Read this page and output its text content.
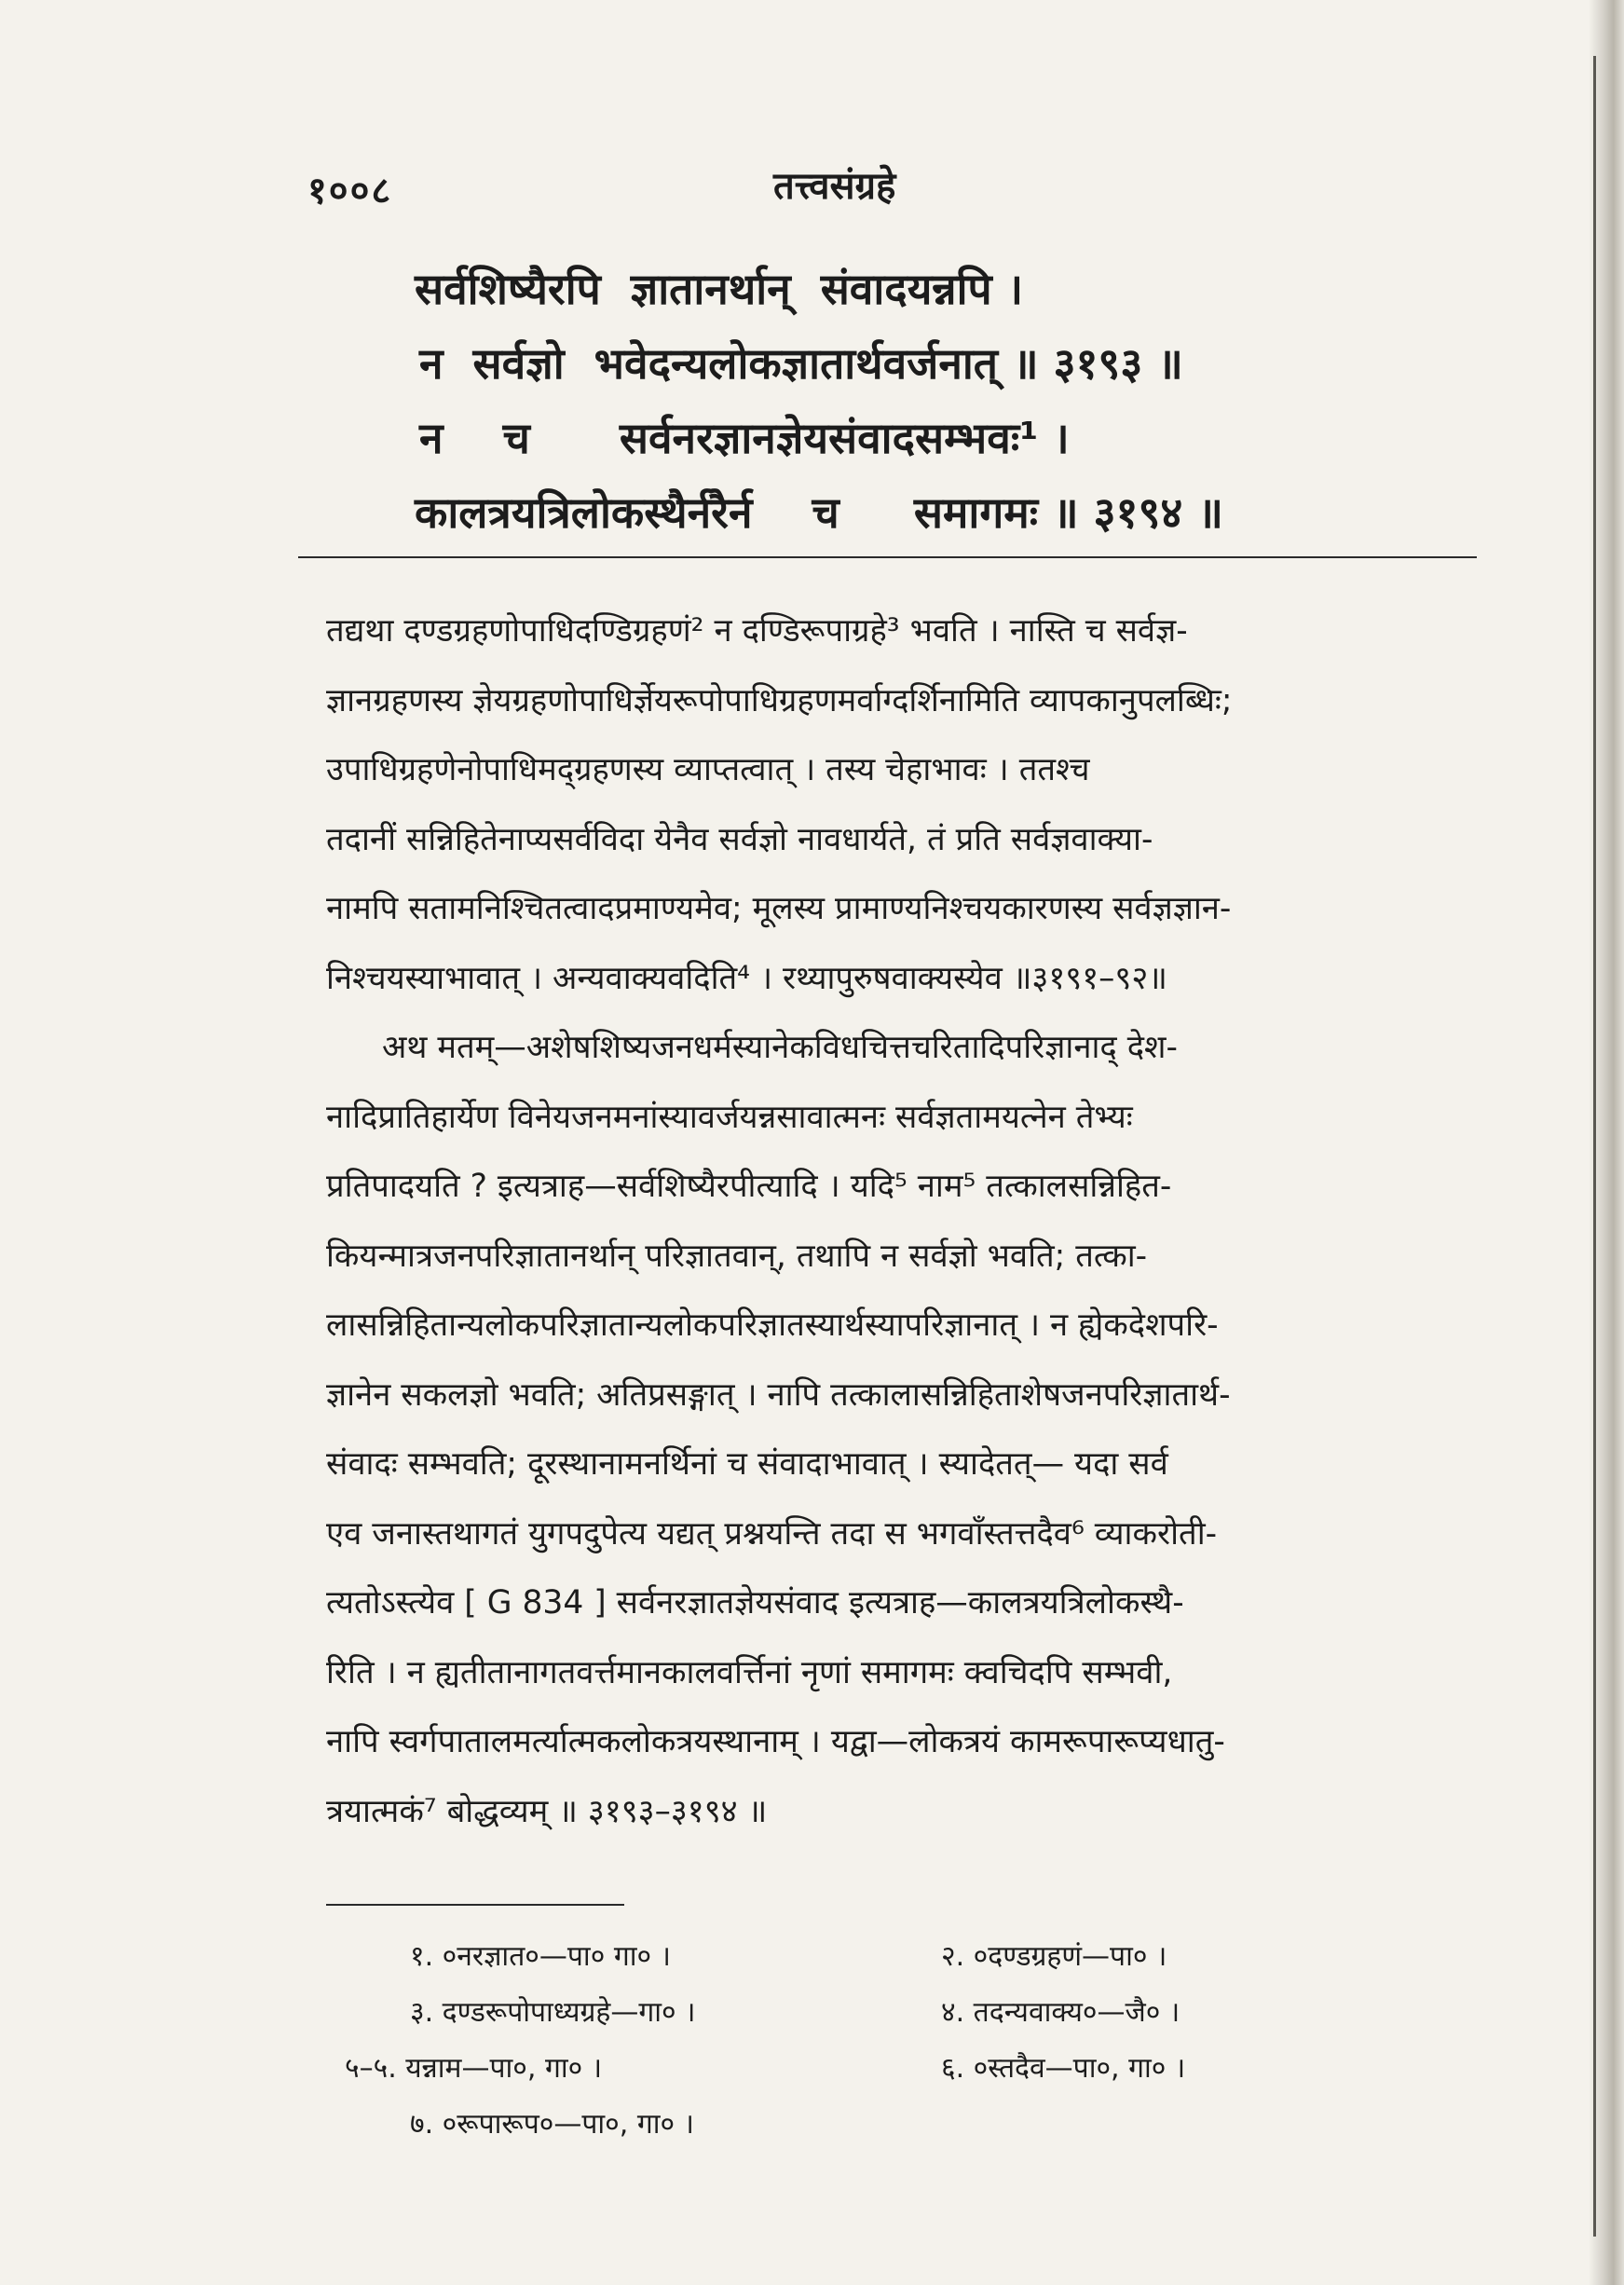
१००८	तत्त्वसंग्रहे
सर्वशिष्यैरपि  ज्ञातानर्थान्  संवादयन्नपि ।
न  सर्वज्ञो  भवेदन्यलोकज्ञातार्थवर्जनात् ॥ ३१९३ ॥
न    च      सर्वनरज्ञानज्ञेयसंवादसम्भवः¹ ।
कालत्रयत्रिलोकस्थैर्नरैर्न    च     समागमः ॥ ३१९४ ॥
तद्यथा दण्डग्रहणोपाधिदण्डिग्रहणं² न दण्डिरूपाग्रहे³ भवति । नास्ति च सर्वज्ञ-
ज्ञानग्रहणस्य ज्ञेयग्रहणोपाधिर्ज्ञेयरूपोपाधिग्रहणमर्वाग्दर्शिनामिति व्यापकानुपलब्धिः;
उपाधिग्रहणेनोपाधिमद्ग्रहणस्य व्याप्तत्वात् । तस्य चेहाभावः । ततश्च
तदानीं सन्निहितेनाप्यसर्वविदा येनैव सर्वज्ञो नावधार्यते, तं प्रति सर्वज्ञवाक्या-
नामपि सतामनिश्चितत्वादप्रमाण्यमेव; मूलस्य प्रामाण्यनिश्चयकारणस्य सर्वज्ञज्ञान-
निश्चयस्याभावात् । अन्यवाक्यवदिति⁴ । रथ्यापुरुषवाक्यस्येव ॥३१९१–९२॥
अथ मतम्—अशेषशिष्यजनधर्मस्यानेकविधचित्तचरितादिपरिज्ञानाद् देश-
नादिप्रातिहार्येण विनेयजनमनांस्यावर्जयन्नसावात्मनः सर्वज्ञतामयत्नेन तेभ्यः
प्रतिपादयति ? इत्यत्राह—सर्वशिष्यैरपीत्यादि । यदि⁵ नाम⁵ तत्कालसन्निहित-
कियन्मात्रजनपरिज्ञातानर्थान् परिज्ञातवान्, तथापि न सर्वज्ञो भवति; तत्का-
लासन्निहितान्यलोकपरिज्ञातान्यलोकपरिज्ञातस्यार्थस्यापरिज्ञानात् । न ह्येकदेशपरि-
ज्ञानेन सकलज्ञो भवति; अतिप्रसङ्गात् । नापि तत्कालासन्निहिताशेषजनपरिज्ञातार्थ-
संवादः सम्भवति; दूरस्थानामनर्थिनां च संवादाभावात् । स्यादेतत्— यदा सर्व
एव जनास्तथागतं युगपदुपेत्य यद्यत् प्रश्नयन्ति तदा स भगवाँस्तत्तदैव⁶ व्याकरोती-
त्यतोऽस्त्येव [ G 834 ] सर्वनरज्ञातज्ञेयसंवाद इत्यत्राह—कालत्रयत्रिलोकस्थै-
रिति । न ह्यतीतानागतवर्त्तमानकालवर्त्तिनां नृणां समागमः क्वचिदपि सम्भवी,
नापि स्वर्गपातालमर्त्यात्मकलोकत्रयस्थानाम् । यद्वा—लोकत्रयं कामरूपारूप्यधातु-
त्रयात्मकं⁷ बोद्धव्यम् ॥ ३१९३–३१९४ ॥
१. ०नरज्ञात०—पा० गा० ।	२. ०दण्डग्रहणं—पा० ।
३. दण्डरूपोपाध्यग्रहे—गा० ।	४. तदन्यवाक्य०—जै० ।
५–५. यन्नाम—पा०, गा० ।	६. ०स्तदैव—पा०, गा० ।
७. ०रूपारूप०—पा०, गा० ।
